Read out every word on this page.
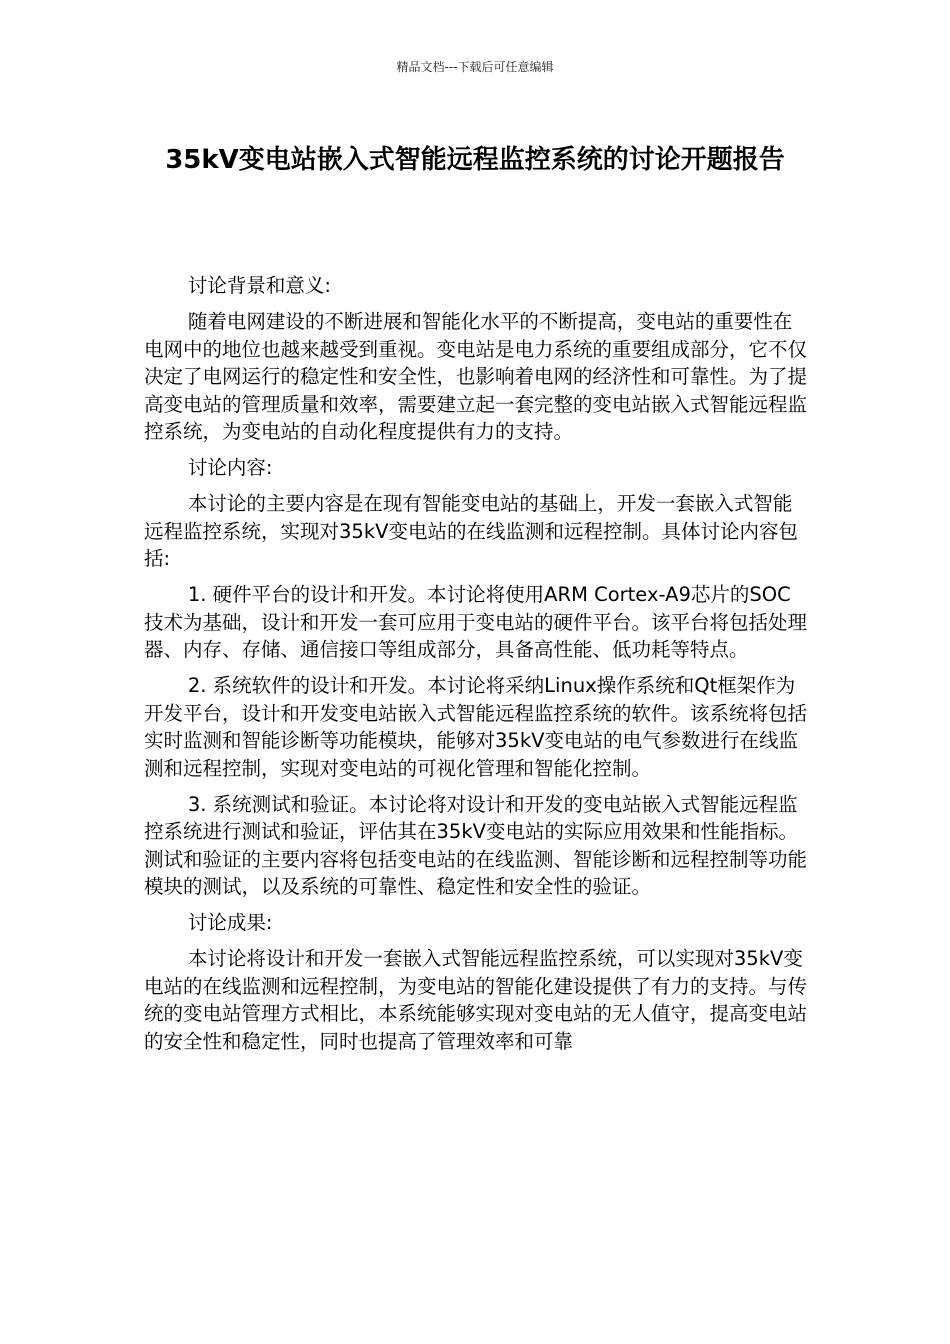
精品文档---下载后可任意编辑
35kV变电站嵌入式智能远程监控系统的讨论开题报告

讨论背景和意义:

随着电网建设的不断进展和智能化水平的不断提高，变电站的重要性在电网中的地位也越来越受到重视。变电站是电力系统的重要组成部分，它不仅决定了电网运行的稳定性和安全性，也影响着电网的经济性和可靠性。为了提高变电站的管理质量和效率，需要建立起一套完整的变电站嵌入式智能远程监控系统，为变电站的自动化程度提供有力的支持。

讨论内容:

本讨论的主要内容是在现有智能变电站的基础上，开发一套嵌入式智能远程监控系统，实现对35kV变电站的在线监测和远程控制。具体讨论内容包括:

1. 硬件平台的设计和开发。本讨论将使用ARM Cortex-A9芯片的SOC技术为基础，设计和开发一套可应用于变电站的硬件平台。该平台将包括处理器、内存、存储、通信接口等组成部分，具备高性能、低功耗等特点。

2. 系统软件的设计和开发。本讨论将采纳Linux操作系统和Qt框架作为开发平台，设计和开发变电站嵌入式智能远程监控系统的软件。该系统将包括实时监测和智能诊断等功能模块，能够对35kV变电站的电气参数进行在线监测和远程控制，实现对变电站的可视化管理和智能化控制。

3. 系统测试和验证。本讨论将对设计和开发的变电站嵌入式智能远程监控系统进行测试和验证，评估其在35kV变电站的实际应用效果和性能指标。测试和验证的主要内容将包括变电站的在线监测、智能诊断和远程控制等功能模块的测试，以及系统的可靠性、稳定性和安全性的验证。

讨论成果:

本讨论将设计和开发一套嵌入式智能远程监控系统，可以实现对35kV变电站的在线监测和远程控制，为变电站的智能化建设提供了有力的支持。与传统的变电站管理方式相比，本系统能够实现对变电站的无人值守，提高变电站的安全性和稳定性，同时也提高了管理效率和可靠
